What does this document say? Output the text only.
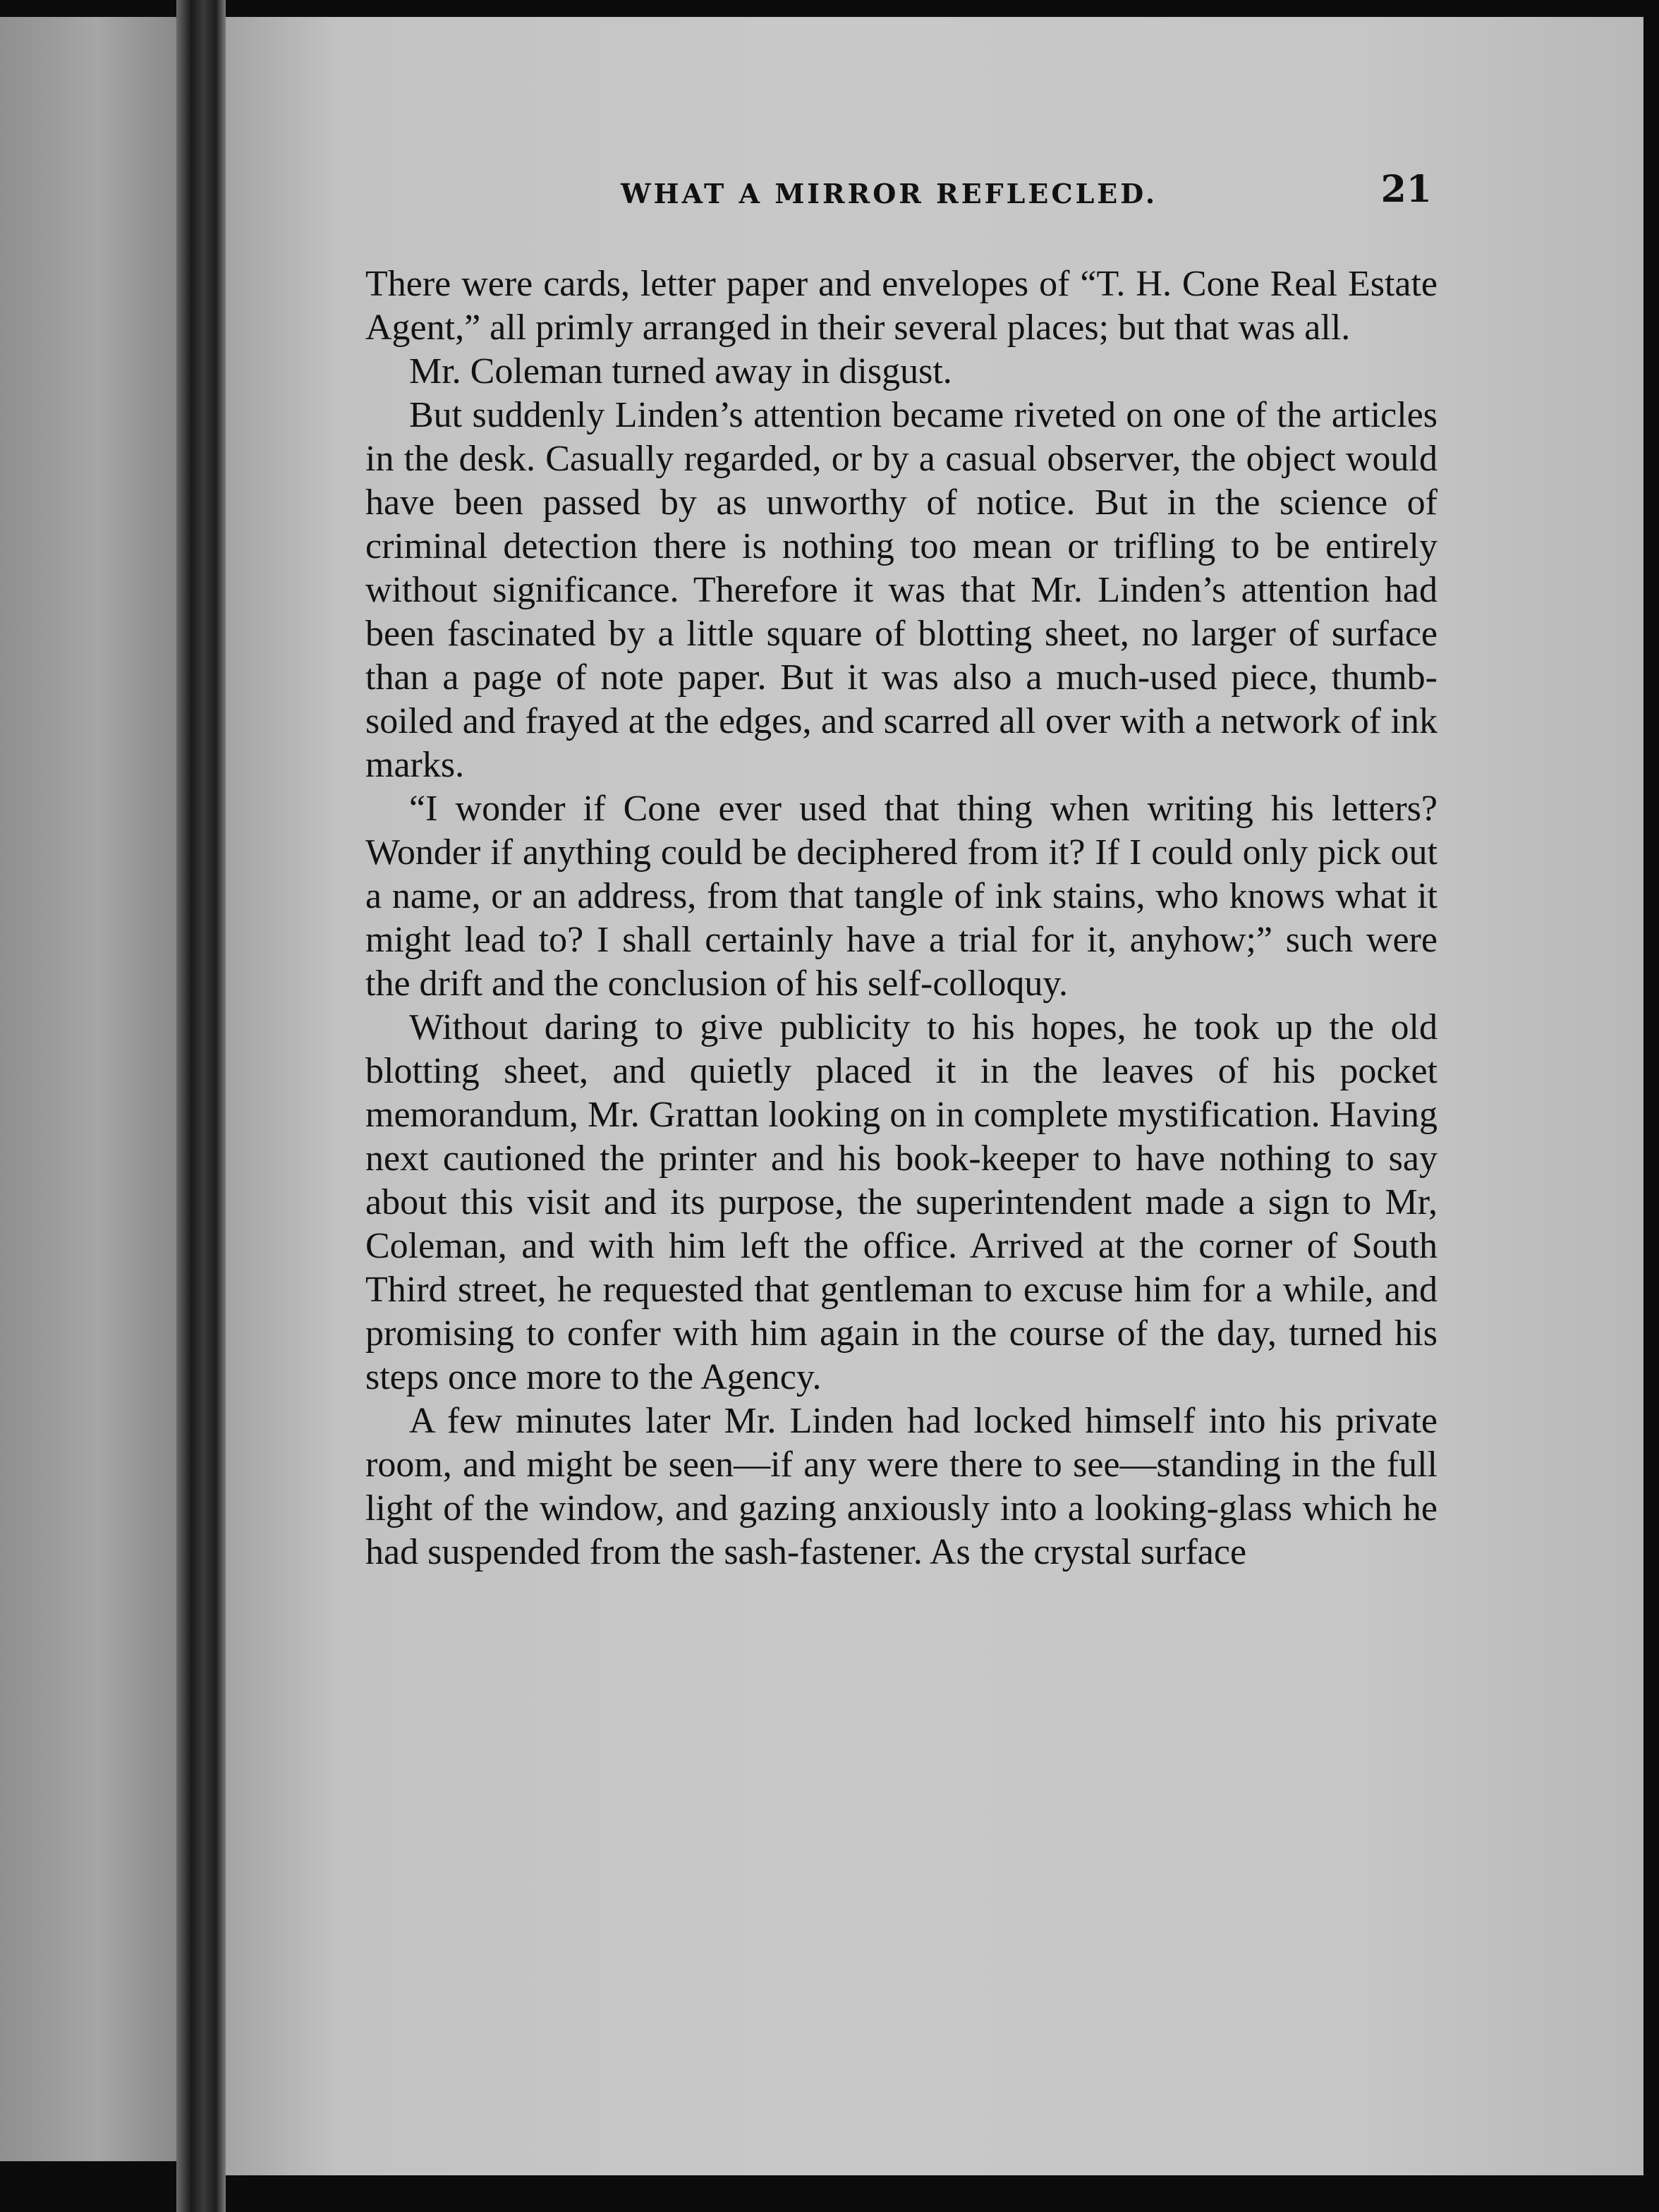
WHAT A MIRROR REFLECLED.	21

There were cards, letter paper and envelopes of “T. H. Cone Real Estate Agent,” all primly arranged in their several places; but that was all.

Mr. Coleman turned away in disgust.

But suddenly Linden’s attention became riveted on one of the articles in the desk. Casually regarded, or by a casual observer, the object would have been passed by as unworthy of notice. But in the science of criminal detection there is nothing too mean or trifling to be entirely without significance. Therefore it was that Mr. Linden’s attention had been fascinated by a little square of blotting sheet, no larger of surface than a page of note paper. But it was also a much-used piece, thumb-soiled and frayed at the edges, and scarred all over with a network of ink marks.

“I wonder if Cone ever used that thing when writing his letters? Wonder if anything could be deciphered from it? If I could only pick out a name, or an address, from that tangle of ink stains, who knows what it might lead to? I shall certainly have a trial for it, anyhow;” such were the drift and the conclusion of his self-colloquy.

Without daring to give publicity to his hopes, he took up the old blotting sheet, and quietly placed it in the leaves of his pocket memorandum, Mr. Grattan looking on in complete mystification. Having next cautioned the printer and his book-keeper to have nothing to say about this visit and its purpose, the superintendent made a sign to Mr, Coleman, and with him left the office. Arrived at the corner of South Third street, he requested that gentleman to excuse him for a while, and promising to confer with him again in the course of the day, turned his steps once more to the Agency.

A few minutes later Mr. Linden had locked himself into his private room, and might be seen—if any were there to see—standing in the full light of the window, and gazing anxiously into a looking-glass which he had suspended from the sash-fastener. As the crystal surface
